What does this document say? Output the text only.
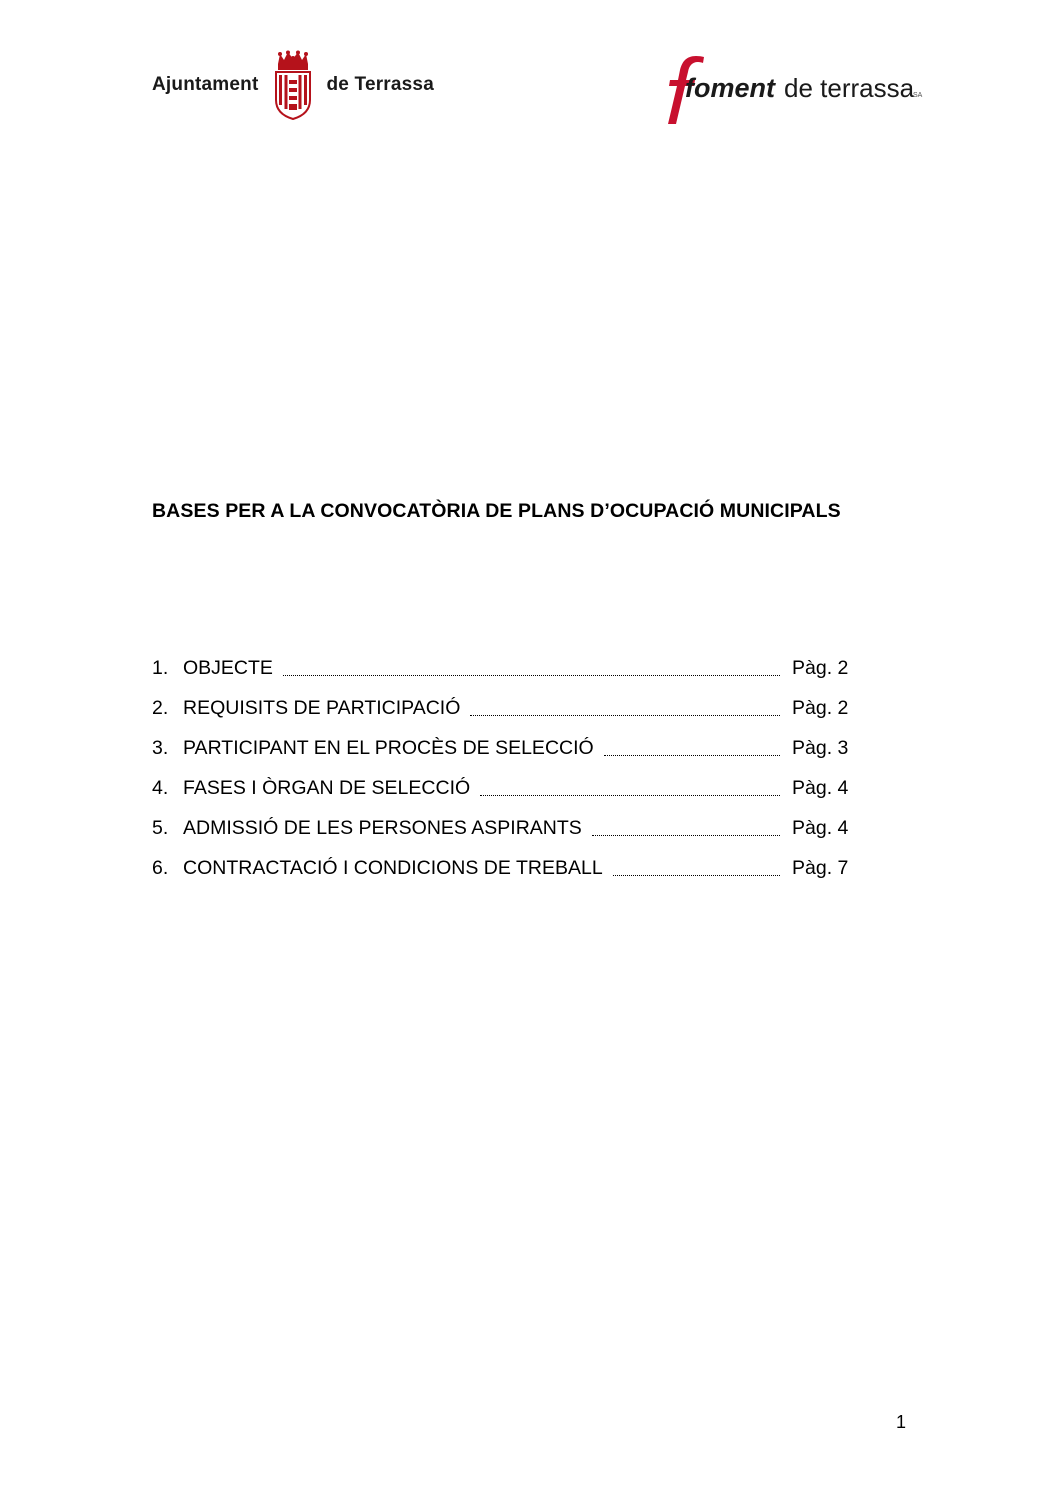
Ajuntament	de Terrassa	foment de terrassa
SA
BASES PER A LA CONVOCATÒRIA DE PLANS D’OCUPACIÓ MUNICIPALS
1. OBJECTE	Pàg. 2
2. REQUISITS DE PARTICIPACIÓ	Pàg. 2
3. PARTICIPANT EN EL PROCÈS DE SELECCIÓ	Pàg. 3
4. FASES I ÒRGAN DE SELECCIÓ	Pàg. 4
5. ADMISSIÓ DE LES PERSONES ASPIRANTS	Pàg. 4
6. CONTRACTACIÓ I CONDICIONS DE TREBALL	Pàg. 7
1
